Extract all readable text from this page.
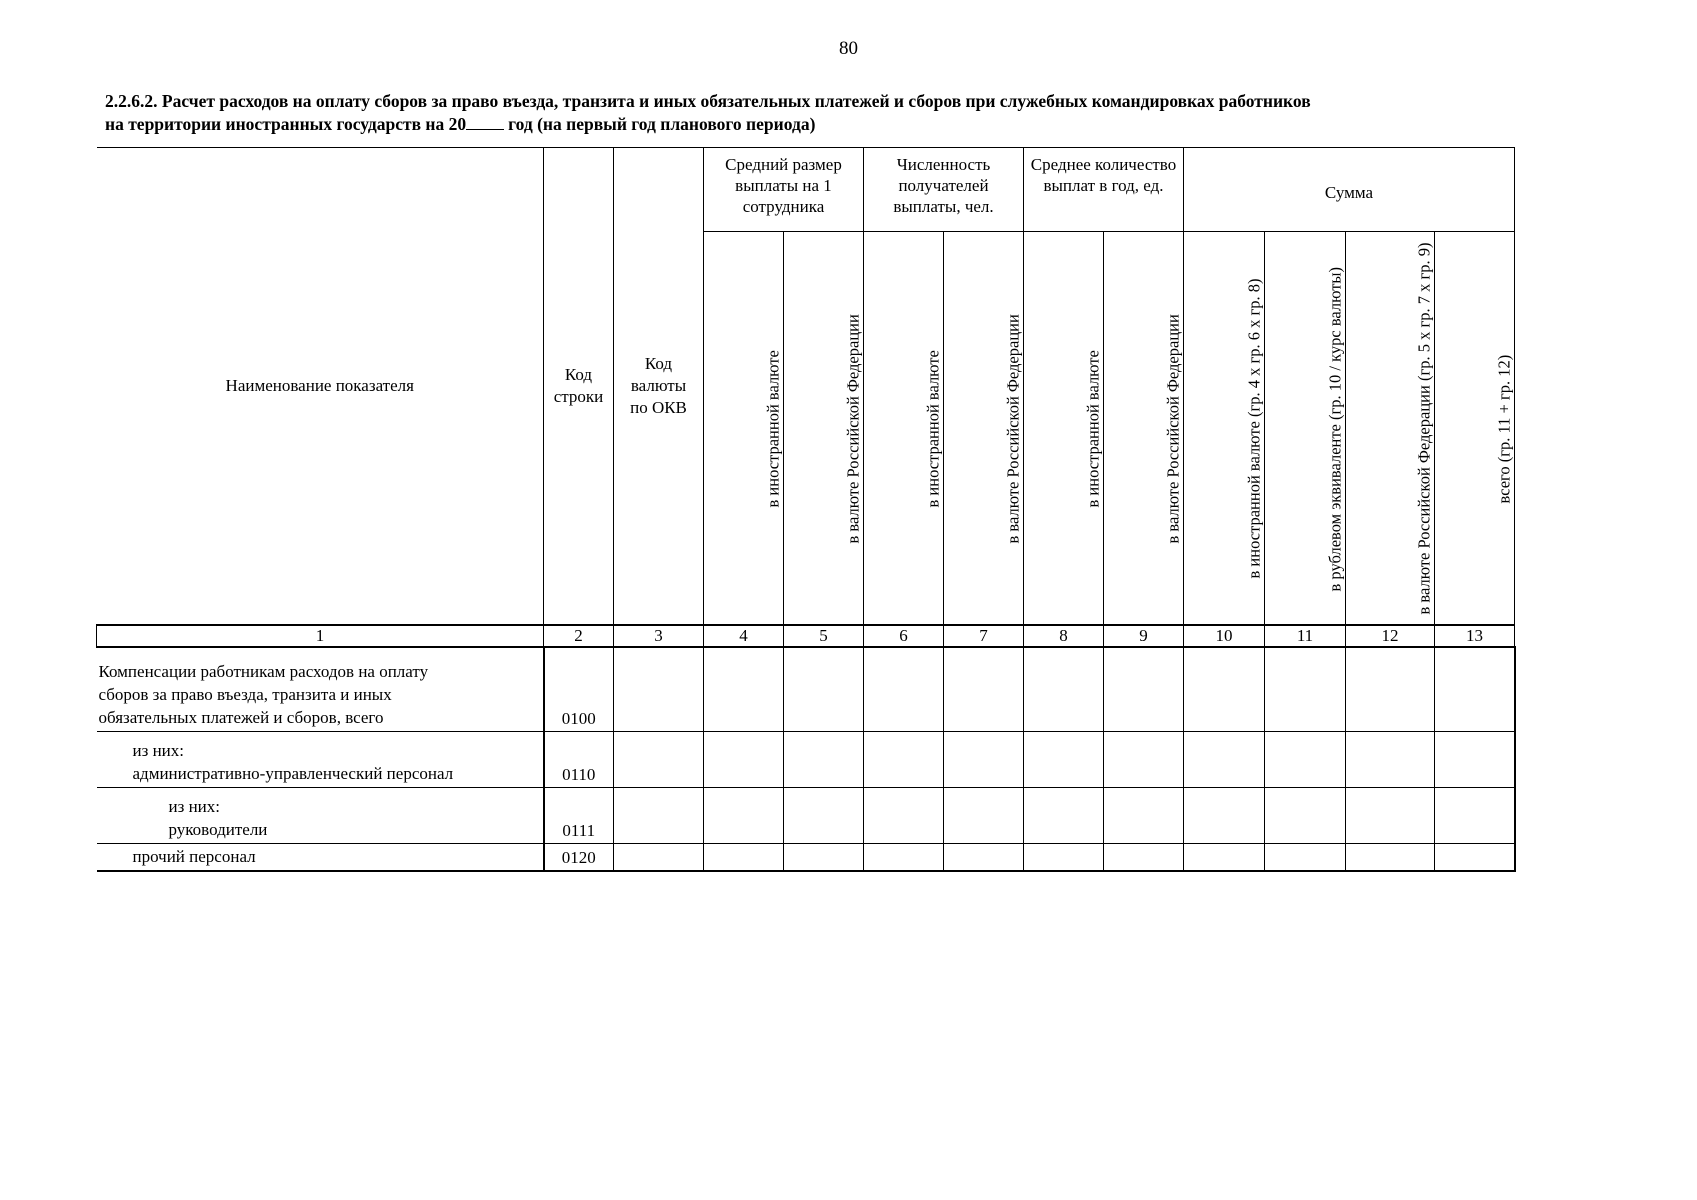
80
2.2.6.2. Расчет расходов на оплату сборов за право въезда, транзита и иных обязательных платежей и сборов при служебных командировках работников
на территории иностранных государств на 20 год (на первый год планового периода)
Наименование показателя	Код строки	Код валюты по ОКВ	Средний размер выплаты на 1 сотрудника		Численность получателей выплаты, чел.		Среднее количество выплат в год, ед.		Сумма			
			в иностранной валюте	в валюте Российской Федерации	в иностранной валюте	в валюте Российской Федерации	в иностранной валюте	в валюте Российской Федерации	в иностранной валюте (гр. 4 х гр. 6 х гр. 8)	в рублевом эквиваленте (гр. 10 / курс валюты)	в валюте Российской Федерации (гр. 5 х гр. 7 х гр. 9)	всего (гр. 11 + гр. 12)
1	2	3	4	5	6	7	8	9	10	11	12	13

Компенсации работникам расходов на оплату
сборов за право въезда, транзита и иных
обязательных платежей и сборов, всего	0100											

из них:
административно-управленческий персонал	0110											

из них:
руководители	0111											

прочий персонал	0120											
